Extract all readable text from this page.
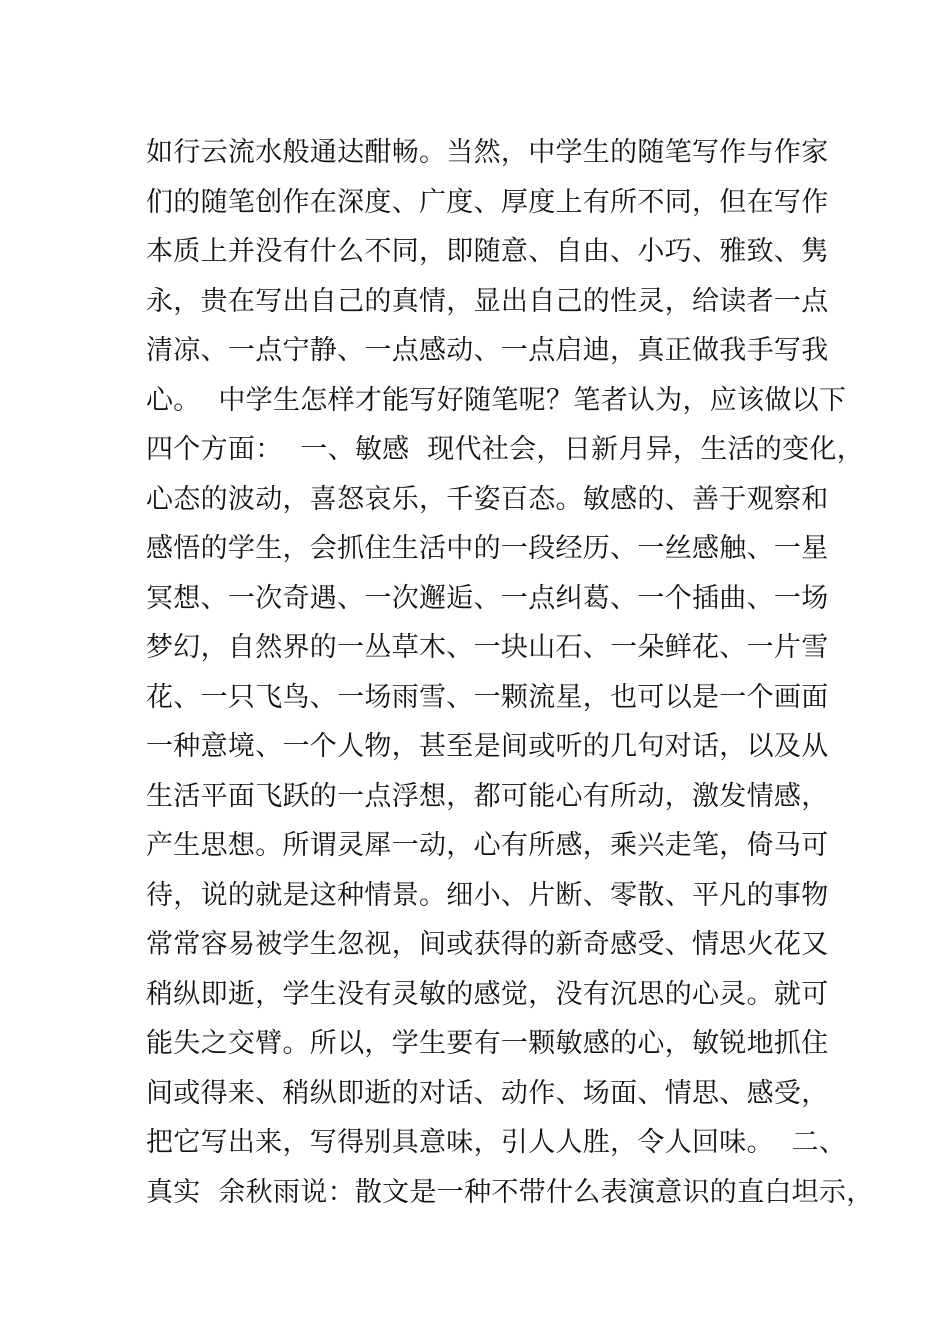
如行云流水般通达酣畅。当然，中学生的随笔写作与作家
们的随笔创作在深度、广度、厚度上有所不同，但在写作
本质上并没有什么不同，即随意、自由、小巧、雅致、隽
永，贵在写出自己的真情，显出自己的性灵，给读者一点
清凉、一点宁静、一点感动、一点启迪，真正做我手写我
心。  中学生怎样才能写好随笔呢？笔者认为，应该做以下
四个方面：  一、敏感  现代社会，日新月异，生活的变化，
心态的波动，喜怒哀乐，千姿百态。敏感的、善于观察和
感悟的学生，会抓住生活中的一段经历、一丝感触、一星
冥想、一次奇遇、一次邂逅、一点纠葛、一个插曲、一场
梦幻，自然界的一丛草木、一块山石、一朵鲜花、一片雪
花、一只飞鸟、一场雨雪、一颗流星，也可以是一个画面
一种意境、一个人物，甚至是间或听的几句对话，以及从
生活平面飞跃的一点浮想，都可能心有所动，激发情感，
产生思想。所谓灵犀一动，心有所感，乘兴走笔，倚马可
待，说的就是这种情景。细小、片断、零散、平凡的事物
常常容易被学生忽视，间或获得的新奇感受、情思火花又
稍纵即逝，学生没有灵敏的感觉，没有沉思的心灵。就可
能失之交臂。所以，学生要有一颗敏感的心，敏锐地抓住
间或得来、稍纵即逝的对话、动作、场面、情思、感受，
把它写出来，写得别具意味，引人人胜，令人回味。  二、
真实  余秋雨说：散文是一种不带什么表演意识的直白坦示，
